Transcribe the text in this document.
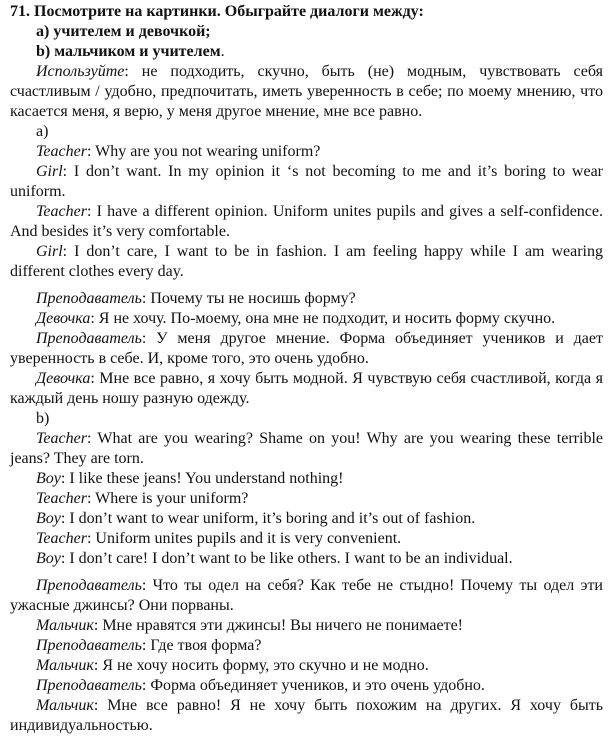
71. Посмотрите на картинки. Обыграйте диалоги между:
a) учителем и девочкой;
b) мальчиком и учителем.

Используйте: не подходить, скучно, быть (не) модным, чувствовать себя счастливым / удобно, предпочитать, иметь уверенность в себе; по моему мнению, что касается меня, я верю, у меня другое мнение, мне все равно.

a)

Teacher: Why are you not wearing uniform?

Girl: I don’t want. In my opinion it ‘s not becoming to me and it’s boring to wear uniform.

Teacher: I have a different opinion. Uniform unites pupils and gives a self-confidence. And besides it’s very comfortable.

Girl: I don’t care, I want to be in fashion. I am feeling happy while I am wearing different clothes every day.

Преподаватель: Почему ты не носишь форму?

Девочка: Я не хочу. По-моему, она мне не подходит, и носить форму скучно.

Преподаватель: У меня другое мнение. Форма объединяет учеников и дает уверенность в себе. И, кроме того, это очень удобно.

Девочка: Мне все равно, я хочу быть модной. Я чувствую себя счастливой, когда я каждый день ношу разную одежду.

b)

Teacher: What are you wearing? Shame on you! Why are you wearing these terrible jeans? They are torn.

Boy: I like these jeans! You understand nothing!

Teacher: Where is your uniform?

Boy: I don’t want to wear uniform, it’s boring and it’s out of fashion.

Teacher: Uniform unites pupils and it is very convenient.

Boy: I don’t care! I don’t want to be like others. I want to be an individual.

Преподаватель: Что ты одел на себя? Как тебе не стыдно! Почему ты одел эти ужасные джинсы? Они порваны.

Мальчик: Мне нравятся эти джинсы! Вы ничего не понимаете!

Преподаватель: Где твоя форма?

Мальчик: Я не хочу носить форму, это скучно и не модно.

Преподаватель: Форма объединяет учеников, и это очень удобно.

Мальчик: Мне все равно! Я не хочу быть похожим на других. Я хочу быть индивидуальностью.
